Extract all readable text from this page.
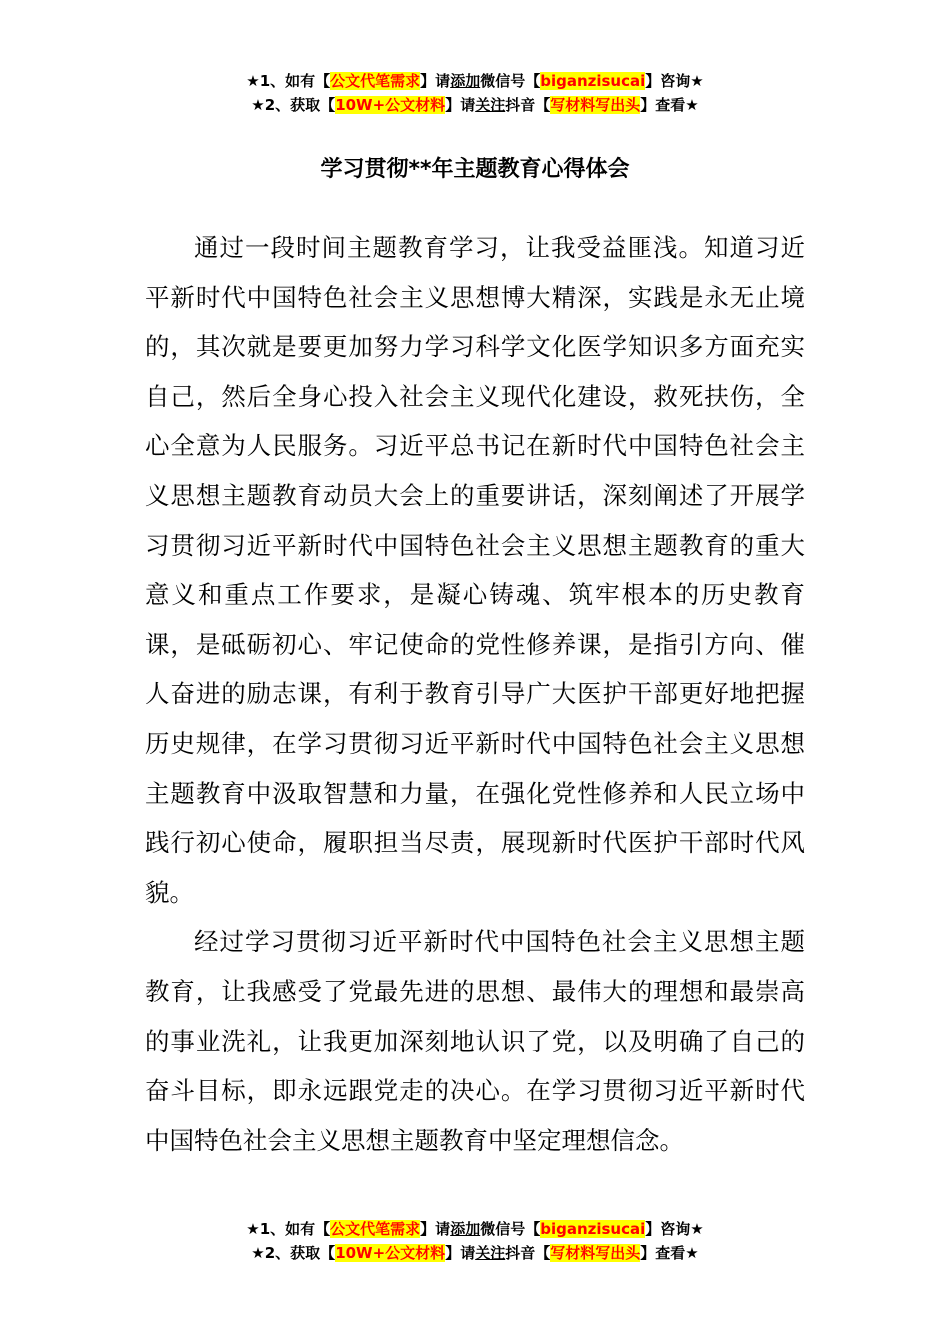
★1、如有【公文代笔需求】请添加微信号【biganzisucai】咨询★
★2、获取【10W+公文材料】请关注抖音【写材料写出头】查看★
学习贯彻**年主题教育心得体会

通过一段时间主题教育学习，让我受益匪浅。知道习近平新时代中国特色社会主义思想博大精深，实践是永无止境的，其次就是要更加努力学习科学文化医学知识多方面充实自己，然后全身心投入社会主义现代化建设，救死扶伤，全心全意为人民服务。习近平总书记在新时代中国特色社会主义思想主题教育动员大会上的重要讲话，深刻阐述了开展学习贯彻习近平新时代中国特色社会主义思想主题教育的重大意义和重点工作要求，是凝心铸魂、筑牢根本的历史教育课，是砥砺初心、牢记使命的党性修养课，是指引方向、催人奋进的励志课，有利于教育引导广大医护干部更好地把握历史规律，在学习贯彻习近平新时代中国特色社会主义思想主题教育中汲取智慧和力量，在强化党性修养和人民立场中践行初心使命，履职担当尽责，展现新时代医护干部时代风貌。

经过学习贯彻习近平新时代中国特色社会主义思想主题教育，让我感受了党最先进的思想、最伟大的理想和最崇高的事业洗礼，让我更加深刻地认识了党，以及明确了自己的奋斗目标，即永远跟党走的决心。在学习贯彻习近平新时代中国特色社会主义思想主题教育中坚定理想信念。

★1、如有【公文代笔需求】请添加微信号【biganzisucai】咨询★
★2、获取【10W+公文材料】请关注抖音【写材料写出头】查看★
